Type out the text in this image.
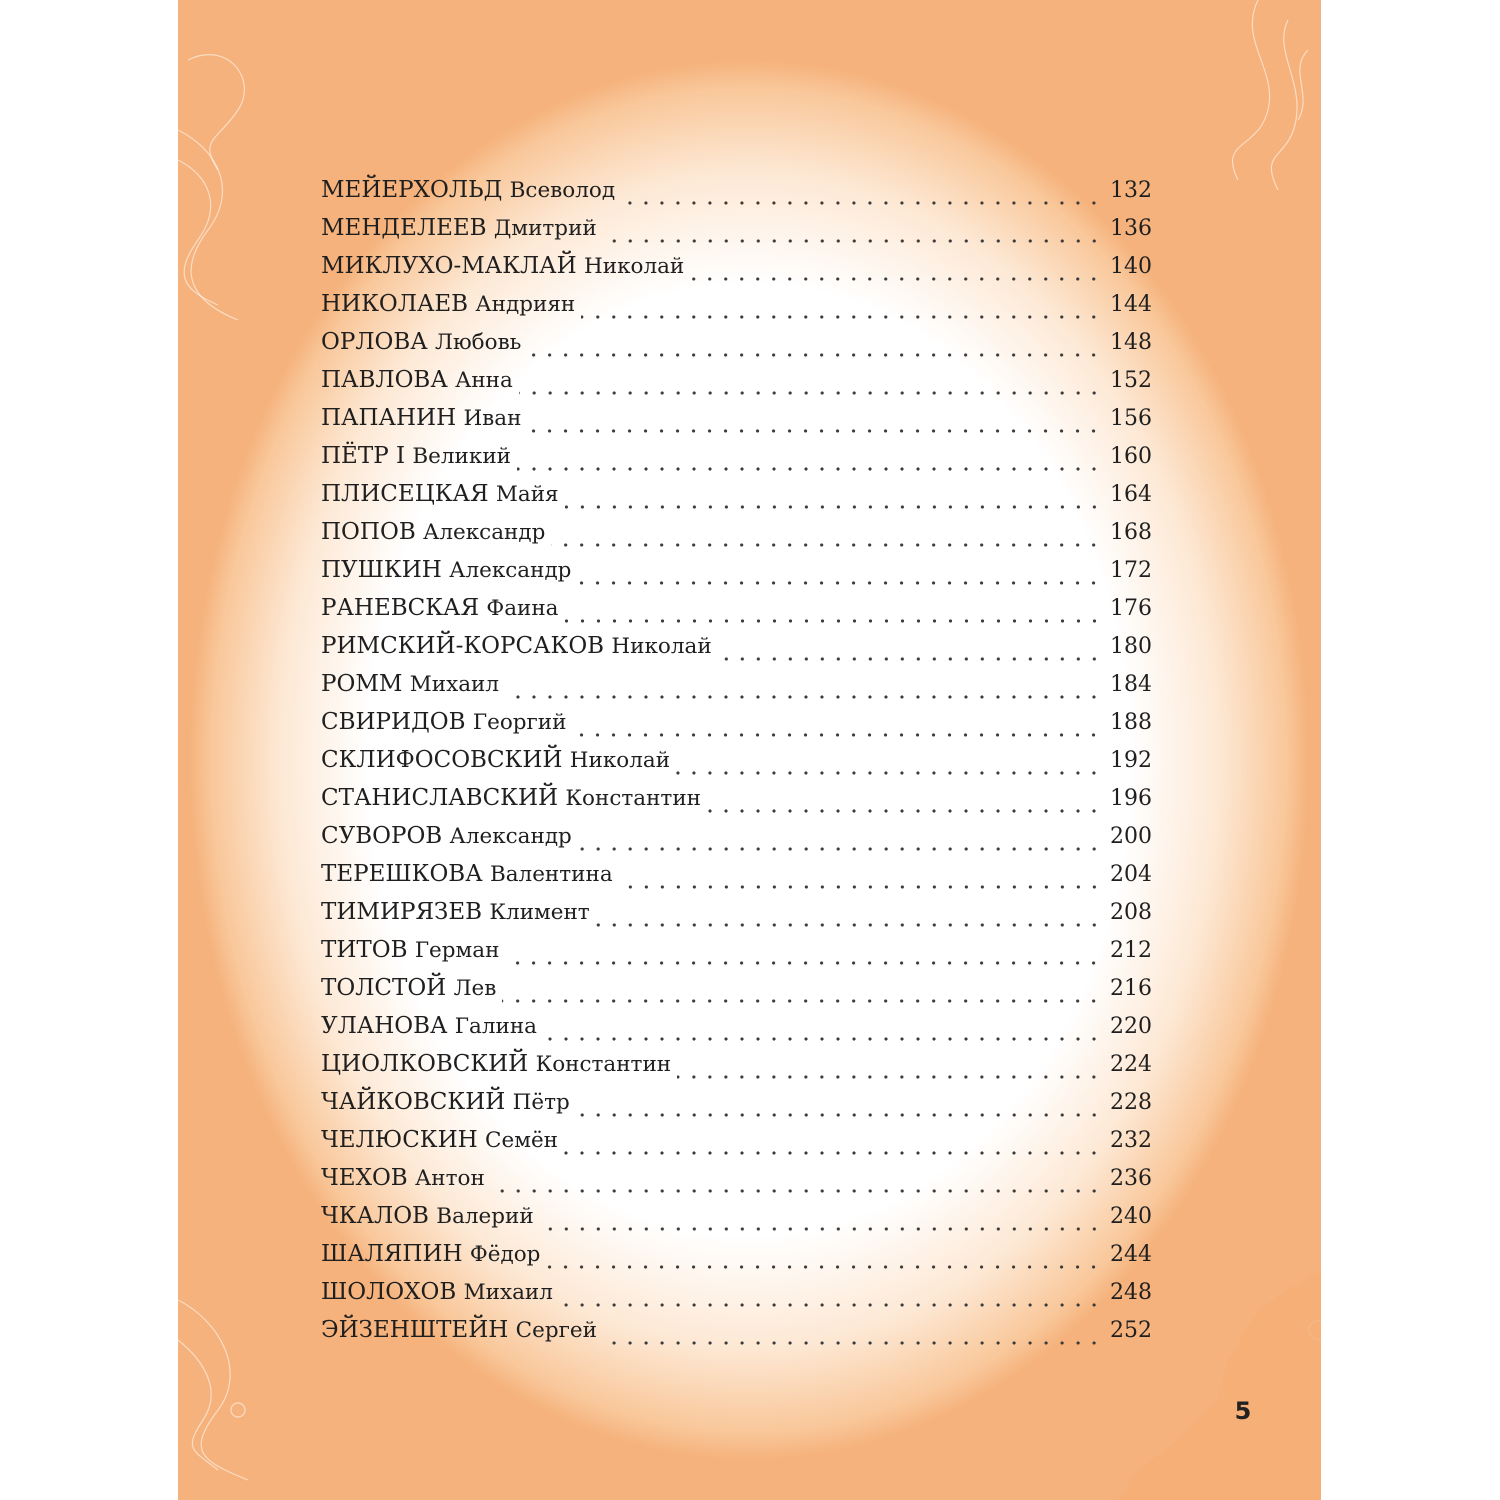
МЕЙЕРХОЛЬД Всеволод	132
МЕНДЕЛЕЕВ Дмитрий	136
МИКЛУХО-МАКЛАЙ Николай	140
НИКОЛАЕВ Андриян	144
ОРЛОВА Любовь	148
ПАВЛОВА Анна	152
ПАПАНИН Иван	156
ПЁТР I Великий	160
ПЛИСЕЦКАЯ Майя	164
ПОПОВ Александр	168
ПУШКИН Александр	172
РАНЕВСКАЯ Фаина	176
РИМСКИЙ-КОРСАКОВ Николай	180
РОММ Михаил	184
СВИРИДОВ Георгий	188
СКЛИФОСОВСКИЙ Николай	192
СТАНИСЛАВСКИЙ Константин	196
СУВОРОВ Александр	200
ТЕРЕШКОВА Валентина	204
ТИМИРЯЗЕВ Климент	208
ТИТОВ Герман	212
ТОЛСТОЙ Лев	216
УЛАНОВА Галина	220
ЦИОЛКОВСКИЙ Константин	224
ЧАЙКОВСКИЙ Пётр	228
ЧЕЛЮСКИН Семён	232
ЧЕХОВ Антон	236
ЧКАЛОВ Валерий	240
ШАЛЯПИН Фёдор	244
ШОЛОХОВ Михаил	248
ЭЙЗЕНШТЕЙН Сергей	252
5
